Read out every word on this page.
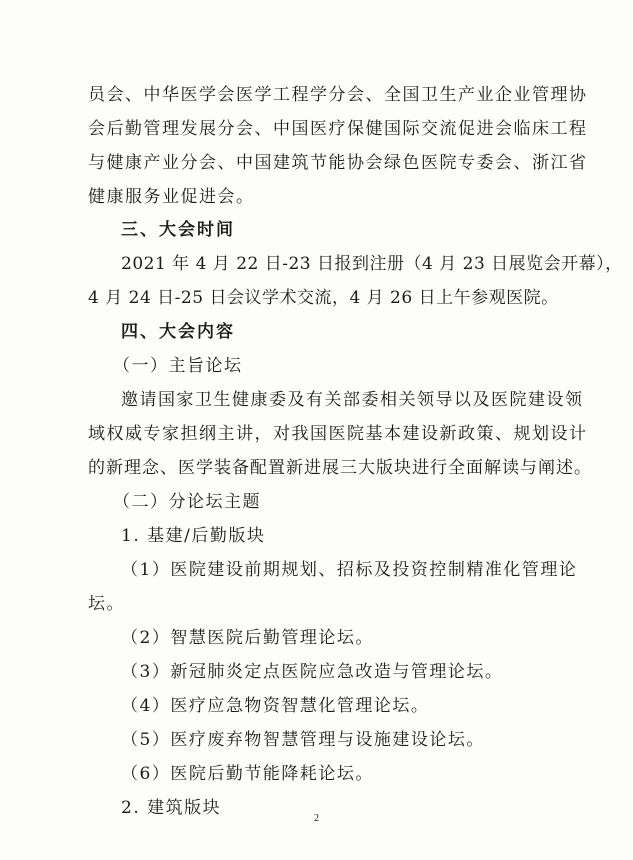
员会、中华医学会医学工程学分会、全国卫生产业企业管理协
会后勤管理发展分会、中国医疗保健国际交流促进会临床工程
与健康产业分会、中国建筑节能协会绿色医院专委会、浙江省
健康服务业促进会。
三、大会时间
2021 年 4 月 22 日-23 日报到注册（4 月 23 日展览会开幕），
4 月 24 日-25 日会议学术交流，4 月 26 日上午参观医院。
四、大会内容
（一）主旨论坛
邀请国家卫生健康委及有关部委相关领导以及医院建设领
域权威专家担纲主讲，对我国医院基本建设新政策、规划设计
的新理念、医学装备配置新进展三大版块进行全面解读与阐述。
（二）分论坛主题
1. 基建/后勤版块
（1）医院建设前期规划、招标及投资控制精准化管理论
坛。
（2）智慧医院后勤管理论坛。
（3）新冠肺炎定点医院应急改造与管理论坛。
（4）医疗应急物资智慧化管理论坛。
（5）医疗废弃物智慧管理与设施建设论坛。
（6）医院后勤节能降耗论坛。
2. 建筑版块
2
